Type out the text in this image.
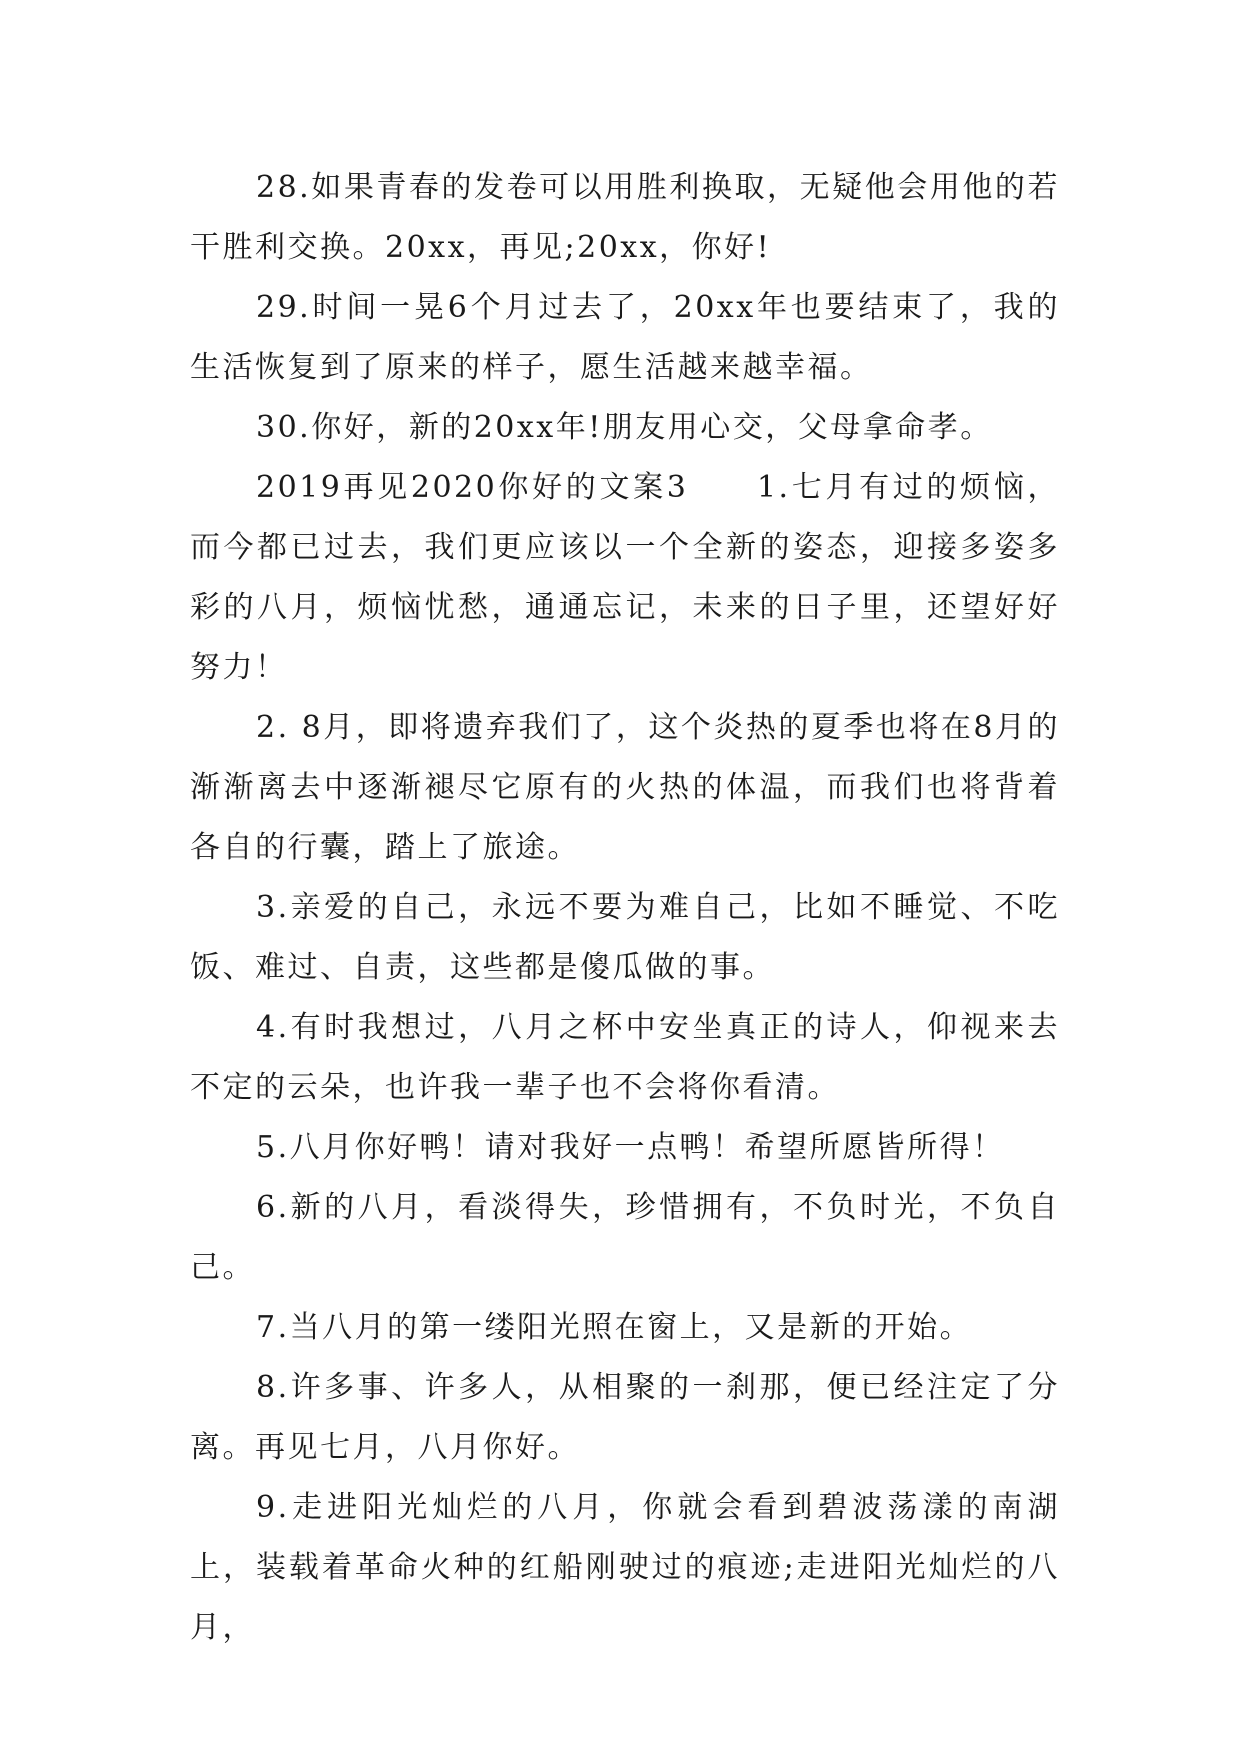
28.如果青春的发卷可以用胜利换取，无疑他会用他的若干胜利交换。20xx，再见;20xx，你好!

29.时间一晃6个月过去了，20xx年也要结束了，我的生活恢复到了原来的样子，愿生活越来越幸福。

30.你好，新的20xx年!朋友用心交，父母拿命孝。

2019再见2020你好的文案3　　1.七月有过的烦恼，而今都已过去，我们更应该以一个全新的姿态，迎接多姿多彩的八月，烦恼忧愁，通通忘记，未来的日子里，还望好好努力！

2. 8月，即将遗弃我们了，这个炎热的夏季也将在8月的渐渐离去中逐渐褪尽它原有的火热的体温，而我们也将背着各自的行囊，踏上了旅途。

3.亲爱的自己，永远不要为难自己，比如不睡觉、不吃饭、难过、自责，这些都是傻瓜做的事。

4.有时我想过，八月之杯中安坐真正的诗人，仰视来去不定的云朵，也许我一辈子也不会将你看清。

5.八月你好鸭！请对我好一点鸭！希望所愿皆所得！

6.新的八月，看淡得失，珍惜拥有，不负时光，不负自己。

7.当八月的第一缕阳光照在窗上，又是新的开始。

8.许多事、许多人，从相聚的一刹那，便已经注定了分离。再见七月，八月你好。

9.走进阳光灿烂的八月，你就会看到碧波荡漾的南湖上，装载着革命火种的红船刚驶过的痕迹;走进阳光灿烂的八月，
